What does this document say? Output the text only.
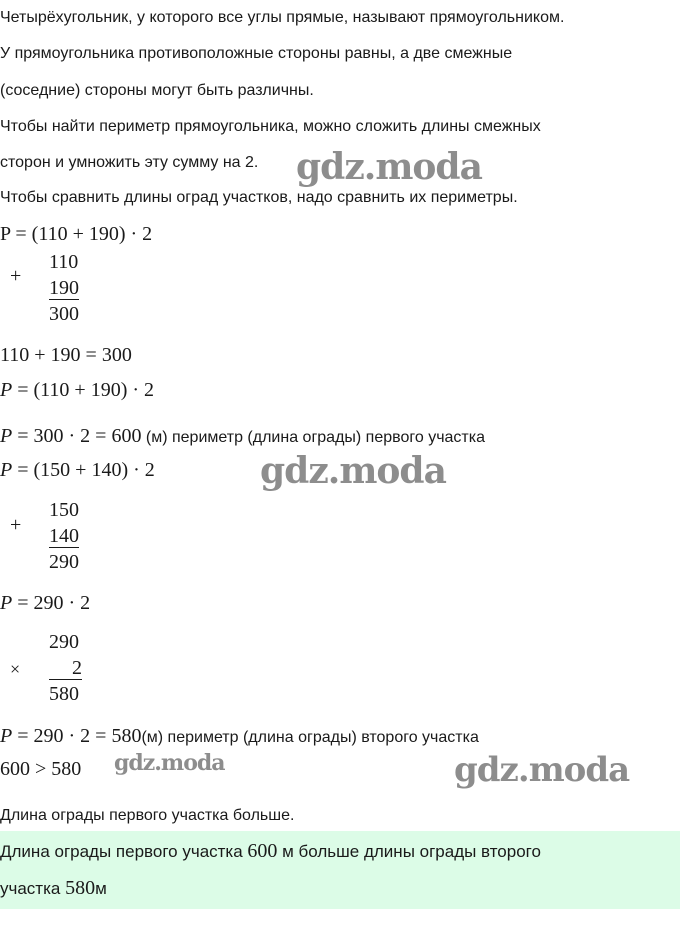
Четырёхугольник, у которого все углы прямые, называют прямоугольником.
У прямоугольника противоположные стороны равны, а две смежные
(соседние) стороны могут быть различны.
Чтобы найти периметр прямоугольника, можно сложить длины смежных
сторон и умножить эту сумму на 2.
Чтобы сравнить длины оград участков, надо сравнить их периметры.
P = (110 + 190) · 2
+
110
190
300
110 + 190 = 300
P = (110 + 190) · 2
P = 300 · 2 = 600 (м) периметр (длина ограды) первого участка
P = (150 + 140) · 2
+
150
140
290
P = 290 · 2
×
290
2
580
P = 290 · 2 = 580(м) периметр (длина ограды) второго участка
600 > 580
Длина ограды первого участка больше.
Длина ограды первого участка 600 м больше длины ограды второго
участка 580м
gdz.moda
gdz.moda
gdz.moda	gdz.moda
